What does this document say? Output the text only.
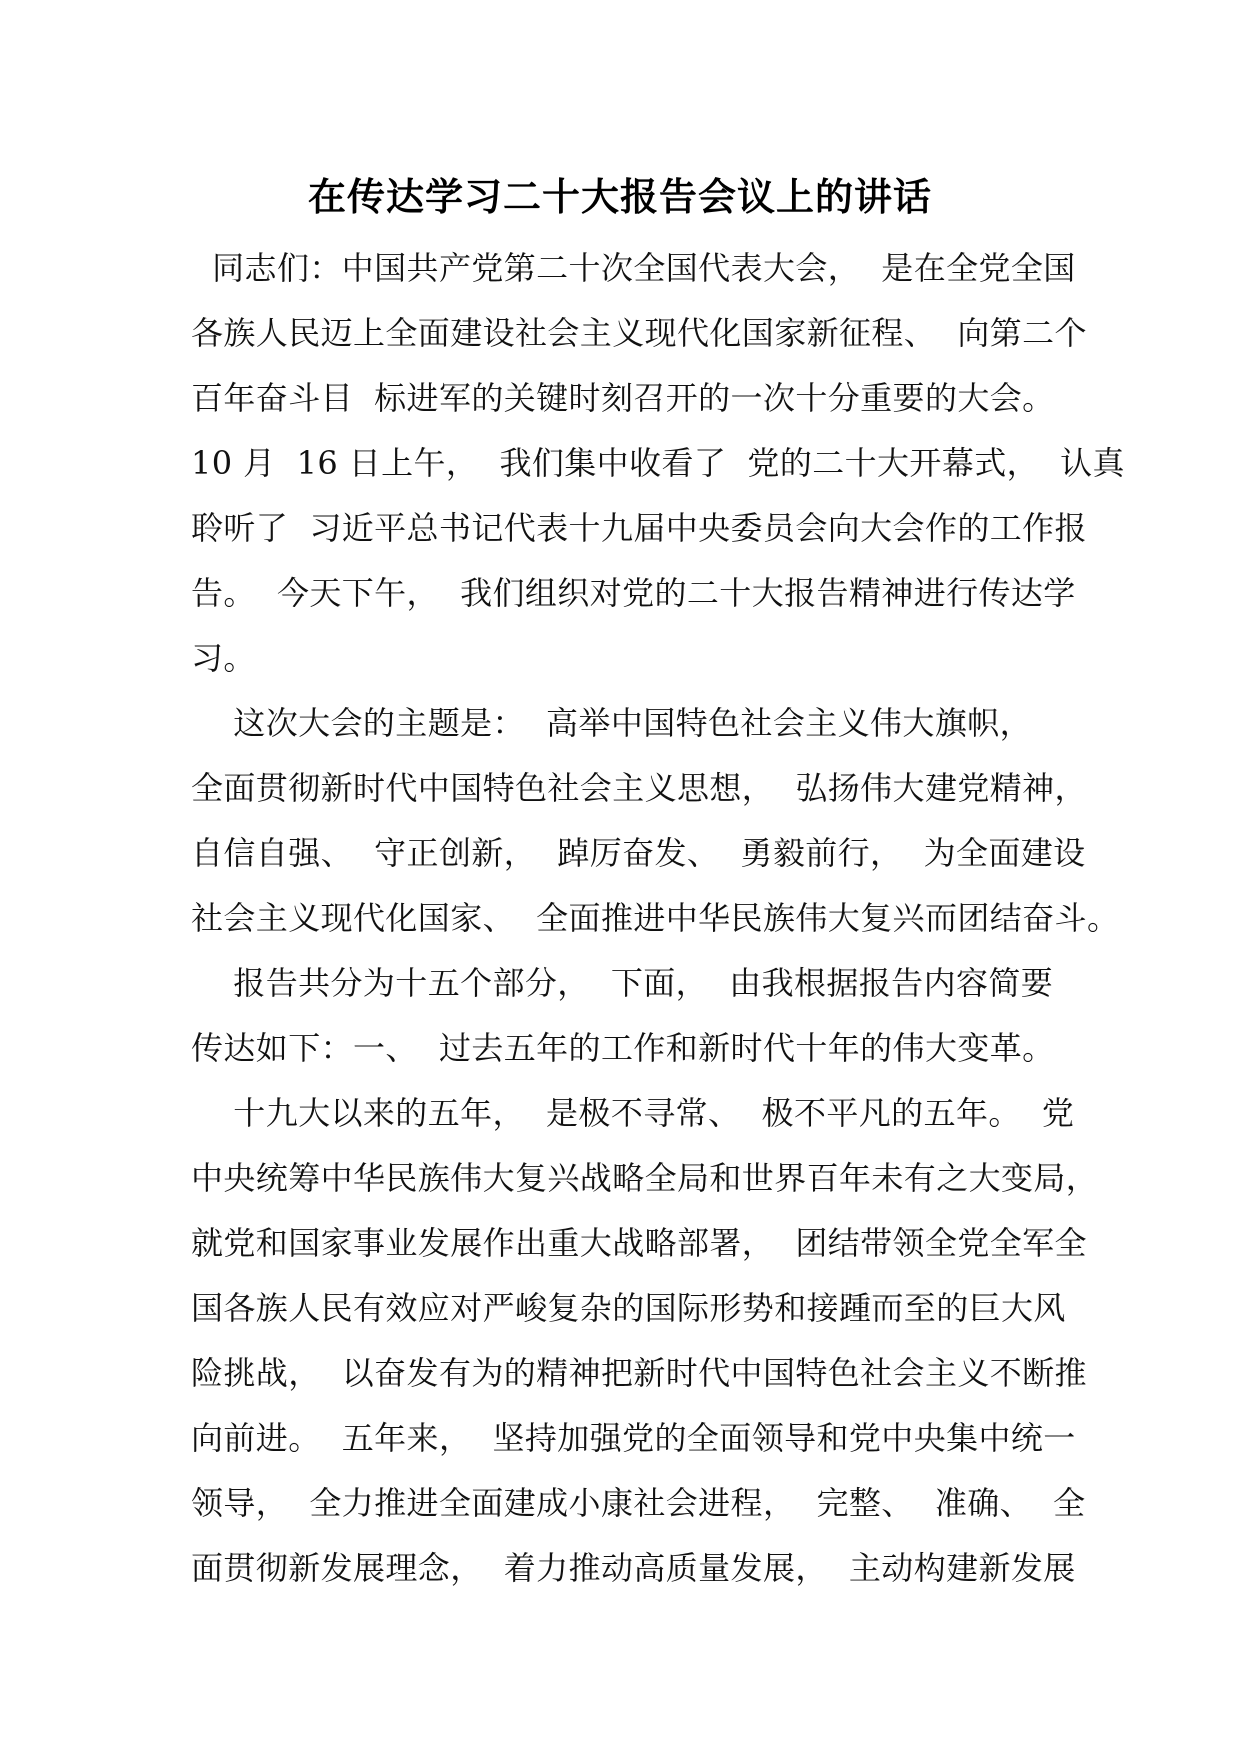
在传达学习二十大报告会议上的讲话
同志们：中国共产党第二十次全国代表大会，  是在全党全国
各族人民迈上全面建设社会主义现代化国家新征程、  向第二个
百年奋斗目  标进军的关键时刻召开的一次十分重要的大会。
10 月  16 日上午，  我们集中收看了  党的二十大开幕式，  认真
聆听了  习近平总书记代表十九届中央委员会向大会作的工作报
告。  今天下午，  我们组织对党的二十大报告精神进行传达学
习。
这次大会的主题是：  高举中国特色社会主义伟大旗帜，
全面贯彻新时代中国特色社会主义思想，  弘扬伟大建党精神，
自信自强、  守正创新，  踔厉奋发、  勇毅前行，  为全面建设
社会主义现代化国家、  全面推进中华民族伟大复兴而团结奋斗。
报告共分为十五个部分，  下面，  由我根据报告内容简要
传达如下：一、  过去五年的工作和新时代十年的伟大变革。
十九大以来的五年，  是极不寻常、  极不平凡的五年。  党
中央统筹中华民族伟大复兴战略全局和世界百年未有之大变局，
就党和国家事业发展作出重大战略部署，  团结带领全党全军全
国各族人民有效应对严峻复杂的国际形势和接踵而至的巨大风
险挑战，  以奋发有为的精神把新时代中国特色社会主义不断推
向前进。  五年来，  坚持加强党的全面领导和党中央集中统一
领导，  全力推进全面建成小康社会进程，  完整、  准确、  全
面贯彻新发展理念，  着力推动高质量发展，  主动构建新发展
